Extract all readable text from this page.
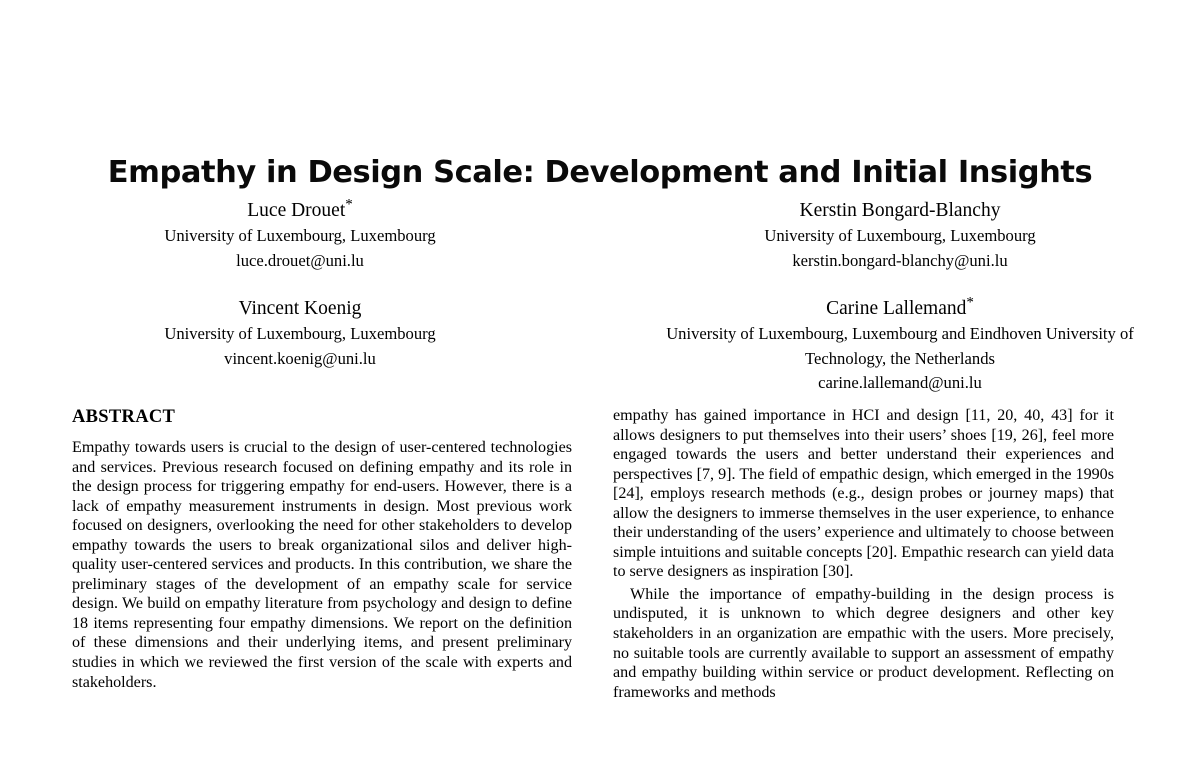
Empathy in Design Scale: Development and Initial Insights
Luce Drouet*
University of Luxembourg, Luxembourg
luce.drouet@uni.lu
Kerstin Bongard-Blanchy
University of Luxembourg, Luxembourg
kerstin.bongard-blanchy@uni.lu
Vincent Koenig
University of Luxembourg, Luxembourg
vincent.koenig@uni.lu
Carine Lallemand*
University of Luxembourg, Luxembourg and Eindhoven University of Technology, the Netherlands
carine.lallemand@uni.lu
ABSTRACT

Empathy towards users is crucial to the design of user-centered technologies and services. Previous research focused on defining empathy and its role in the design process for triggering empathy for end-users. However, there is a lack of empathy measurement instruments in design. Most previous work focused on designers, overlooking the need for other stakeholders to develop empathy towards the users to break organizational silos and deliver high-quality user-centered services and products. In this contribution, we share the preliminary stages of the development of an empathy scale for service design. We build on empathy literature from psychology and design to define 18 items representing four empathy dimensions. We report on the definition of these dimensions and their underlying items, and present preliminary studies in which we reviewed the first version of the scale with experts and stakeholders.

empathy has gained importance in HCI and design [11, 20, 40, 43] for it allows designers to put themselves into their users’ shoes [19, 26], feel more engaged towards the users and better understand their experiences and perspectives [7, 9]. The field of empathic design, which emerged in the 1990s [24], employs research methods (e.g., design probes or journey maps) that allow the designers to immerse themselves in the user experience, to enhance their understanding of the users’ experience and ultimately to choose between simple intuitions and suitable concepts [20]. Empathic research can yield data to serve designers as inspiration [30].

While the importance of empathy-building in the design process is undisputed, it is unknown to which degree designers and other key stakeholders in an organization are empathic with the users. More precisely, no suitable tools are currently available to support an assessment of empathy and empathy building within service or product development. Reflecting on frameworks and methods
